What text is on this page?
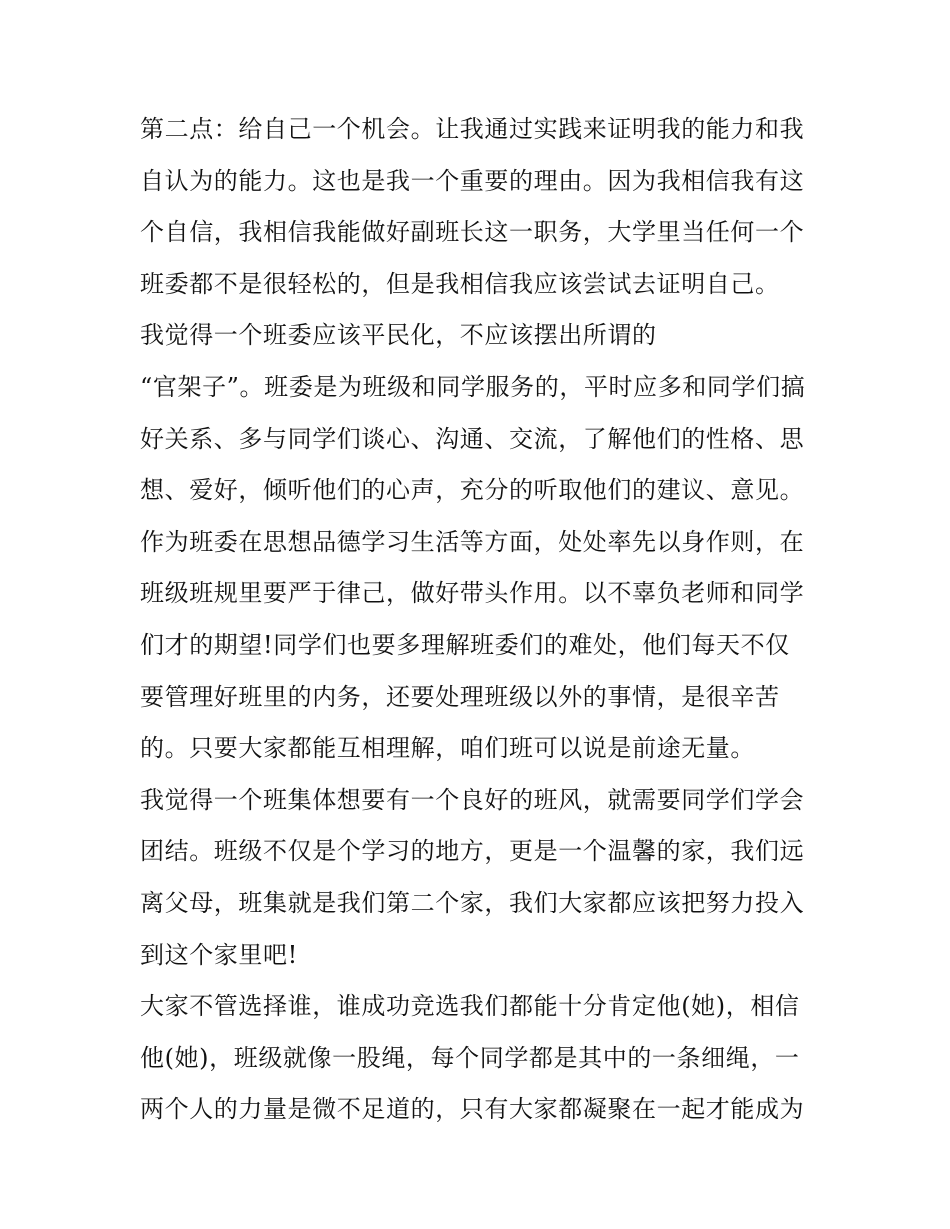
第二点：给自己一个机会。让我通过实践来证明我的能力和我
自认为的能力。这也是我一个重要的理由。因为我相信我有这
个自信，我相信我能做好副班长这一职务，大学里当任何一个
班委都不是很轻松的，但是我相信我应该尝试去证明自己。
我觉得一个班委应该平民化，不应该摆出所谓的
“官架子”。班委是为班级和同学服务的，平时应多和同学们搞
好关系、多与同学们谈心、沟通、交流，了解他们的性格、思
想、爱好，倾听他们的心声，充分的听取他们的建议、意见。
作为班委在思想品德学习生活等方面，处处率先以身作则，在
班级班规里要严于律己，做好带头作用。以不辜负老师和同学
们才的期望!同学们也要多理解班委们的难处，他们每天不仅
要管理好班里的内务，还要处理班级以外的事情，是很辛苦
的。只要大家都能互相理解，咱们班可以说是前途无量。
我觉得一个班集体想要有一个良好的班风，就需要同学们学会
团结。班级不仅是个学习的地方，更是一个温馨的家，我们远
离父母，班集就是我们第二个家，我们大家都应该把努力投入
到这个家里吧!
大家不管选择谁，谁成功竞选我们都能十分肯定他(她)，相信
他(她)，班级就像一股绳，每个同学都是其中的一条细绳，一
两个人的力量是微不足道的，只有大家都凝聚在一起才能成为
